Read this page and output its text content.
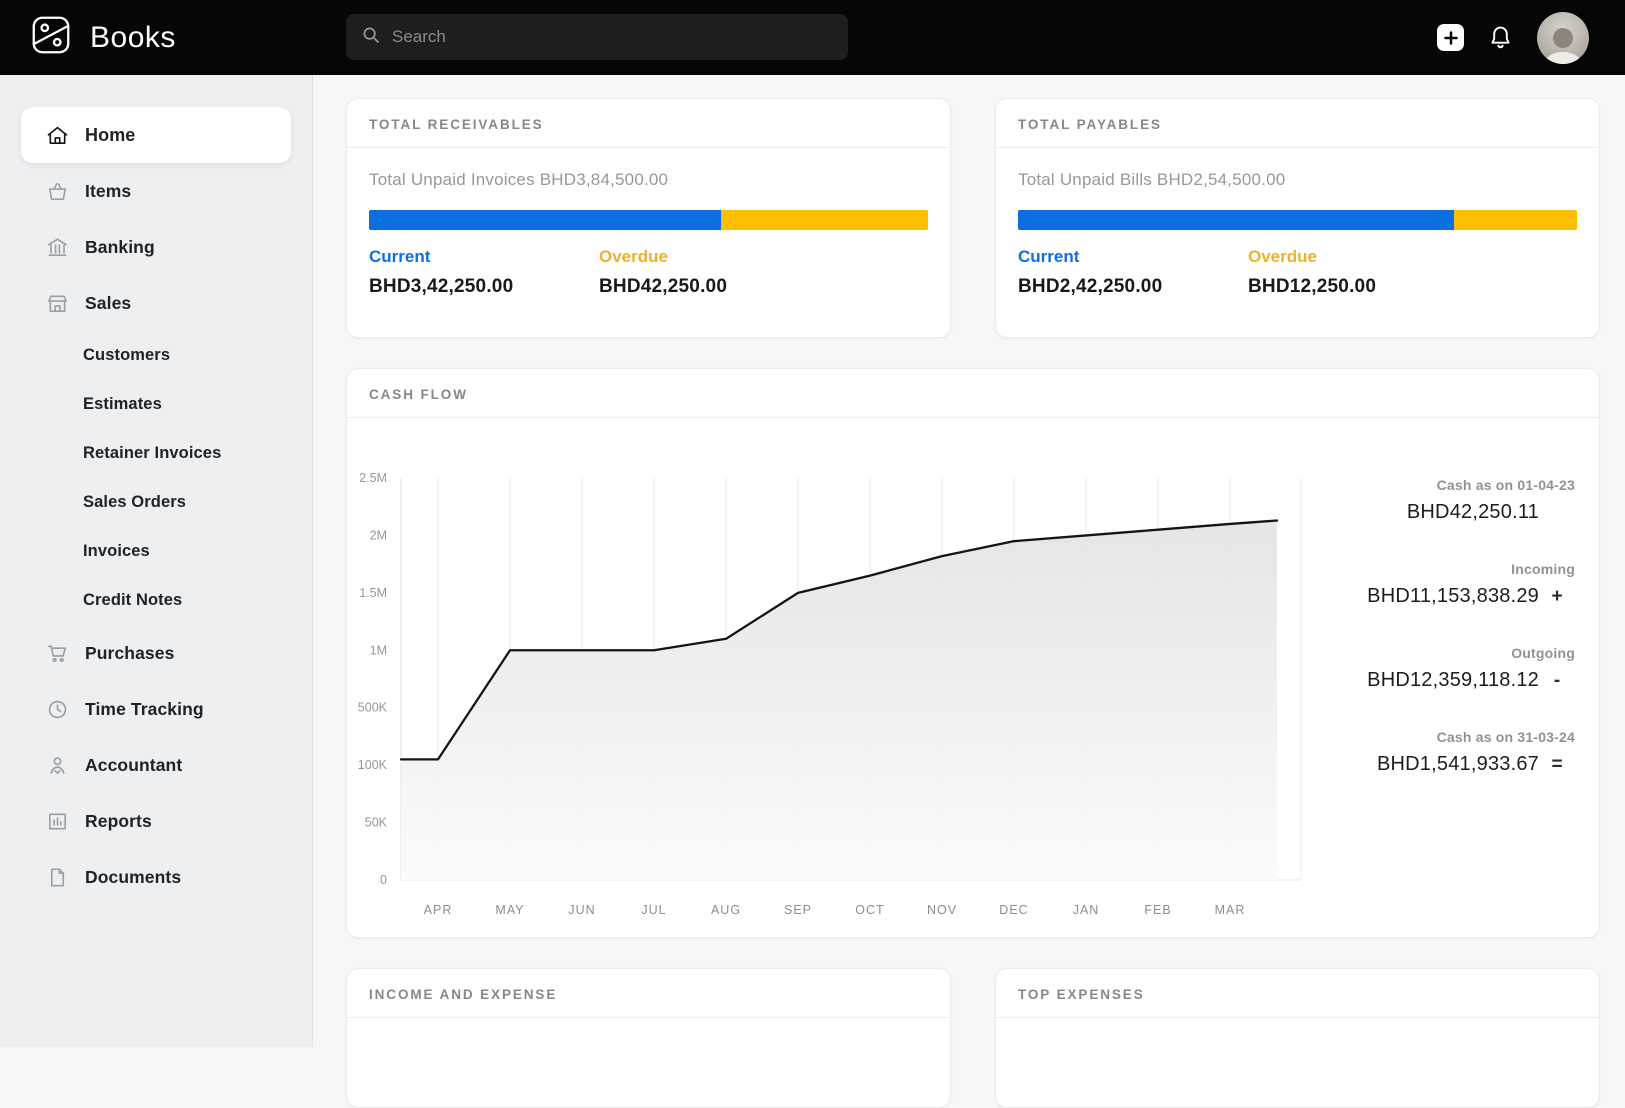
Books
Search
Home
Items
Banking
Sales
Customers
Estimates
Retainer Invoices
Sales Orders
Invoices
Credit Notes
Purchases
Time Tracking
Accountant
Reports
Documents
TOTAL RECEIVABLES
Total Unpaid Invoices BHD3,84,500.00
Current
BHD3,42,250.00
Overdue
BHD42,250.00
TOTAL PAYABLES
Total Unpaid Bills BHD2,54,500.00
Current
BHD2,42,250.00
Overdue
BHD12,250.00
CASH FLOW
0
50K
100K
500K
1M
1.5M
2M
2.5M
APR	MAY	JUN	JUL	AUG	SEP	OCT	NOV	DEC	JAN	FEB	MAR
Cash as on 01-04-23
BHD42,250.11
Incoming
BHD11,153,838.29 +
Outgoing
BHD12,359,118.12 -
Cash as on 31-03-24
BHD1,541,933.67 =
INCOME AND EXPENSE	TOP EXPENSES
